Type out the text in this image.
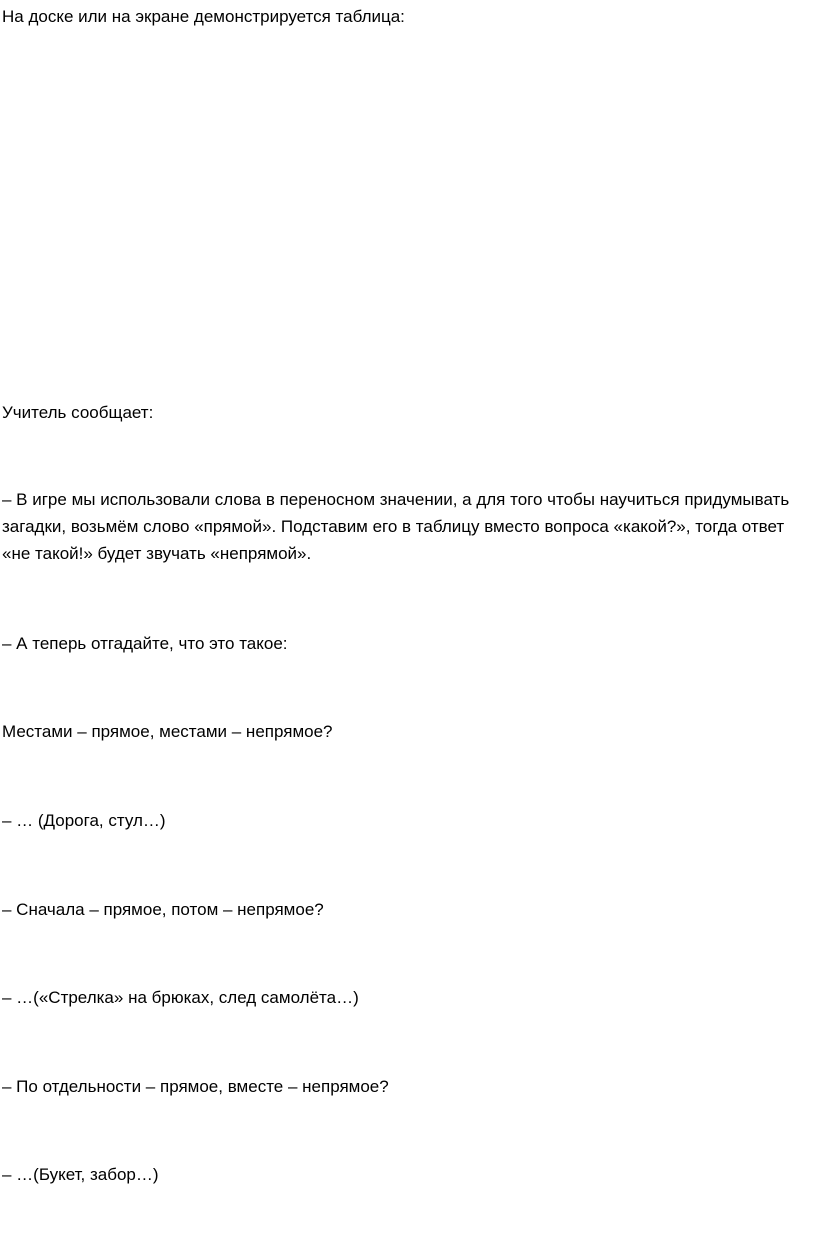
На доске или на экране демонстрируется таблица:

Учитель сообщает:

– В игре мы использовали слова в переносном значении, а для того чтобы научиться придумывать загадки, возьмём слово «прямой». Подставим его в таблицу вместо вопроса «какой?», тогда ответ «не такой!» будет звучать «непрямой».

– А теперь отгадайте, что это такое:

Местами – прямое, местами – непрямое?

– … (Дорога, стул…)

– Сначала – прямое, потом – непрямое?

– …(«Стрелка» на брюках, след самолёта…)

– По отдельности – прямое, вместе – непрямое?

– …(Букет, забор…)
